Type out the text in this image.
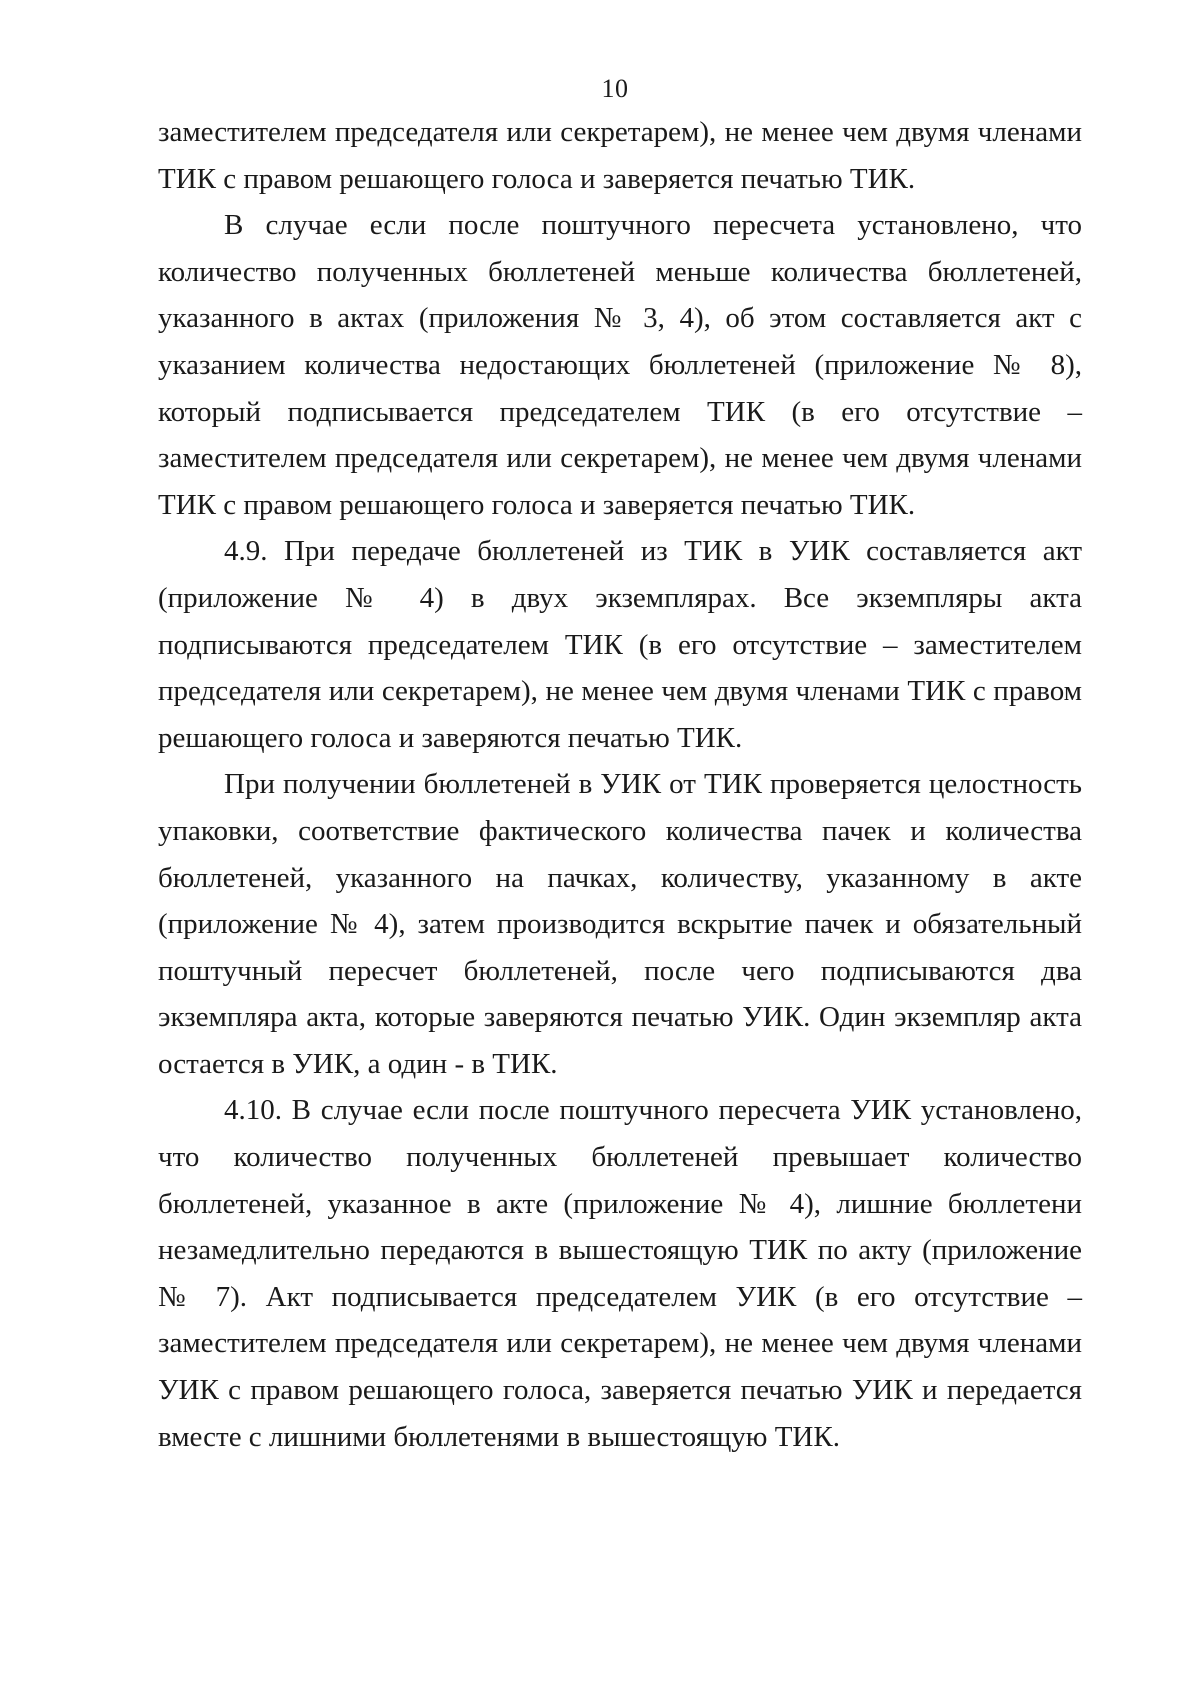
10

заместителем председателя или секретарем), не менее чем двумя членами ТИК с правом решающего голоса и заверяется печатью ТИК.

В случае если после поштучного пересчета установлено, что количество полученных бюллетеней меньше количества бюллетеней, указанного в актах (приложения № 3, 4), об этом составляется акт с указанием количества недостающих бюллетеней (приложение № 8), который подписывается председателем ТИК (в его отсутствие – заместителем председателя или секретарем), не менее чем двумя членами ТИК с правом решающего голоса и заверяется печатью ТИК.

4.9. При передаче бюллетеней из ТИК в УИК составляется акт (приложение № 4) в двух экземплярах. Все экземпляры акта подписываются председателем ТИК (в его отсутствие – заместителем председателя или секретарем), не менее чем двумя членами ТИК с правом решающего голоса и заверяются печатью ТИК.

При получении бюллетеней в УИК от ТИК проверяется целостность упаковки, соответствие фактического количества пачек и количества бюллетеней, указанного на пачках, количеству, указанному в акте (приложение № 4), затем производится вскрытие пачек и обязательный поштучный пересчет бюллетеней, после чего подписываются два экземпляра акта, которые заверяются печатью УИК. Один экземпляр акта остается в УИК, а один - в ТИК.

4.10. В случае если после поштучного пересчета УИК установлено, что количество полученных бюллетеней превышает количество бюллетеней, указанное в акте (приложение № 4), лишние бюллетени незамедлительно передаются в вышестоящую ТИК по акту (приложение № 7). Акт подписывается председателем УИК (в его отсутствие – заместителем председателя или секретарем), не менее чем двумя членами УИК с правом решающего голоса, заверяется печатью УИК и передается вместе с лишними бюллетенями в вышестоящую ТИК.
